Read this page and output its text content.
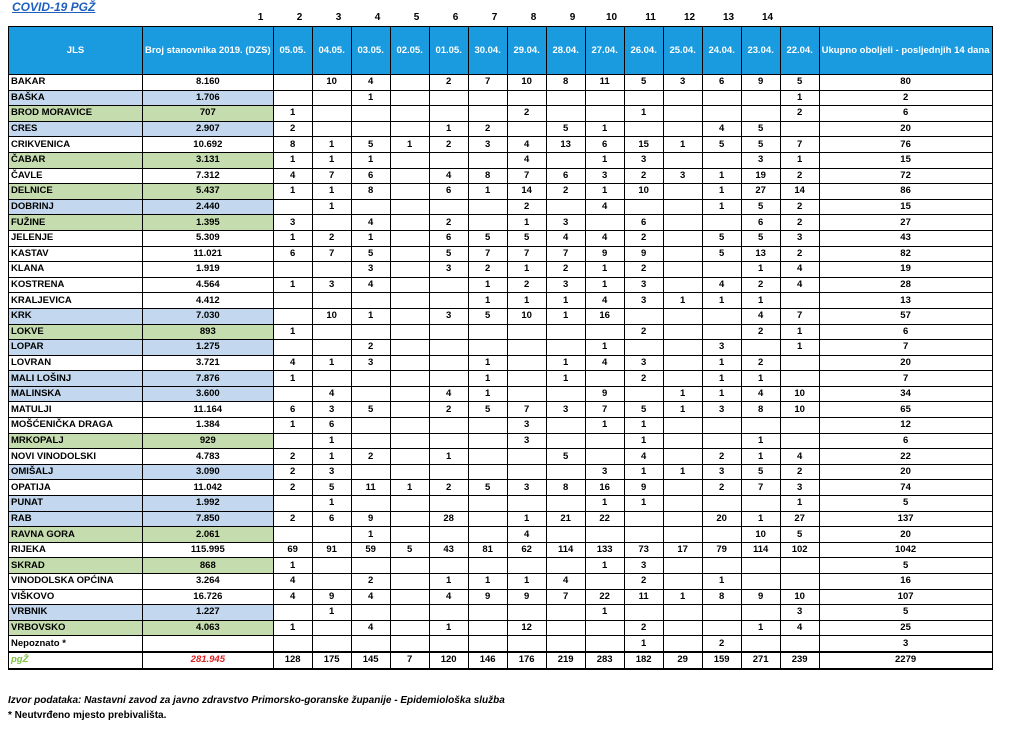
COVID-19 PGŽ
1	2	3	4	5	6	7	8	9	10	11	12	13	14
JLS	Broj stanovnika 2019. (DZS)	05.05.	04.05.	03.05.	02.05.	01.05.	30.04.	29.04.	28.04.	27.04.	26.04.	25.04.	24.04.	23.04.	22.04.	Ukupno oboljeli - posljednjih 14 dana
BAKAR	8.160		10	4		2	7	10	8	11	5	3	6	9	5	80
BAŠKA	1.706			1											1	2
BROD MORAVICE	707	1						2			1				2	6
CRES	2.907	2				1	2		5	1			4	5		20
CRIKVENICA	10.692	8	1	5	1	2	3	4	13	6	15	1	5	5	7	76
ČABAR	3.131	1	1	1				4		1	3			3	1	15
ČAVLE	7.312	4	7	6		4	8	7	6	3	2	3	1	19	2	72
DELNICE	5.437	1	1	8		6	1	14	2	1	10		1	27	14	86
DOBRINJ	2.440		1					2		4			1	5	2	15
FUŽINE	1.395	3		4		2		1	3		6			6	2	27
JELENJE	5.309	1	2	1		6	5	5	4	4	2		5	5	3	43
KASTAV	11.021	6	7	5		5	7	7	7	9	9		5	13	2	82
KLANA	1.919			3		3	2	1	2	1	2			1	4	19
KOSTRENA	4.564	1	3	4			1	2	3	1	3		4	2	4	28
KRALJEVICA	4.412						1	1	1	4	3	1	1	1		13
KRK	7.030		10	1		3	5	10	1	16				4	7	57
LOKVE	893	1									2			2	1	6
LOPAR	1.275			2						1			3		1	7
LOVRAN	3.721	4	1	3			1		1	4	3		1	2		20
MALI LOŠINJ	7.876	1					1		1		2		1	1		7
MALINSKA	3.600		4			4	1			9		1	1	4	10	34
MATULJI	11.164	6	3	5		2	5	7	3	7	5	1	3	8	10	65
MOŠĆENIČKA DRAGA	1.384	1	6					3		1	1					12
MRKOPALJ	929		1					3			1			1		6
NOVI VINODOLSKI	4.783	2	1	2		1			5		4		2	1	4	22
OMIŠALJ	3.090	2	3							3	1	1	3	5	2	20
OPATIJA	11.042	2	5	11	1	2	5	3	8	16	9		2	7	3	74
PUNAT	1.992		1							1	1				1	5
RAB	7.850	2	6	9		28		1	21	22			20	1	27	137
RAVNA GORA	2.061			1				4						10	5	20
RIJEKA	115.995	69	91	59	5	43	81	62	114	133	73	17	79	114	102	1042
SKRAD	868	1								1	3					5
VINODOLSKA OPĆINA	3.264	4		2		1	1	1	4		2		1			16
VIŠKOVO	16.726	4	9	4		4	9	9	7	22	11	1	8	9	10	107
VRBNIK	1.227		1							1					3	5
VRBOVSKO	4.063	1		4		1		12			2			1	4	25
Nepoznato *											1		2			3
pgŽ	281.945	128	175	145	7	120	146	176	219	283	182	29	159	271	239	2279
Izvor podataka: Nastavni zavod za javno zdravstvo Primorsko-goranske županije - Epidemiološka služba
* Neutvrđeno mjesto prebivališta.
